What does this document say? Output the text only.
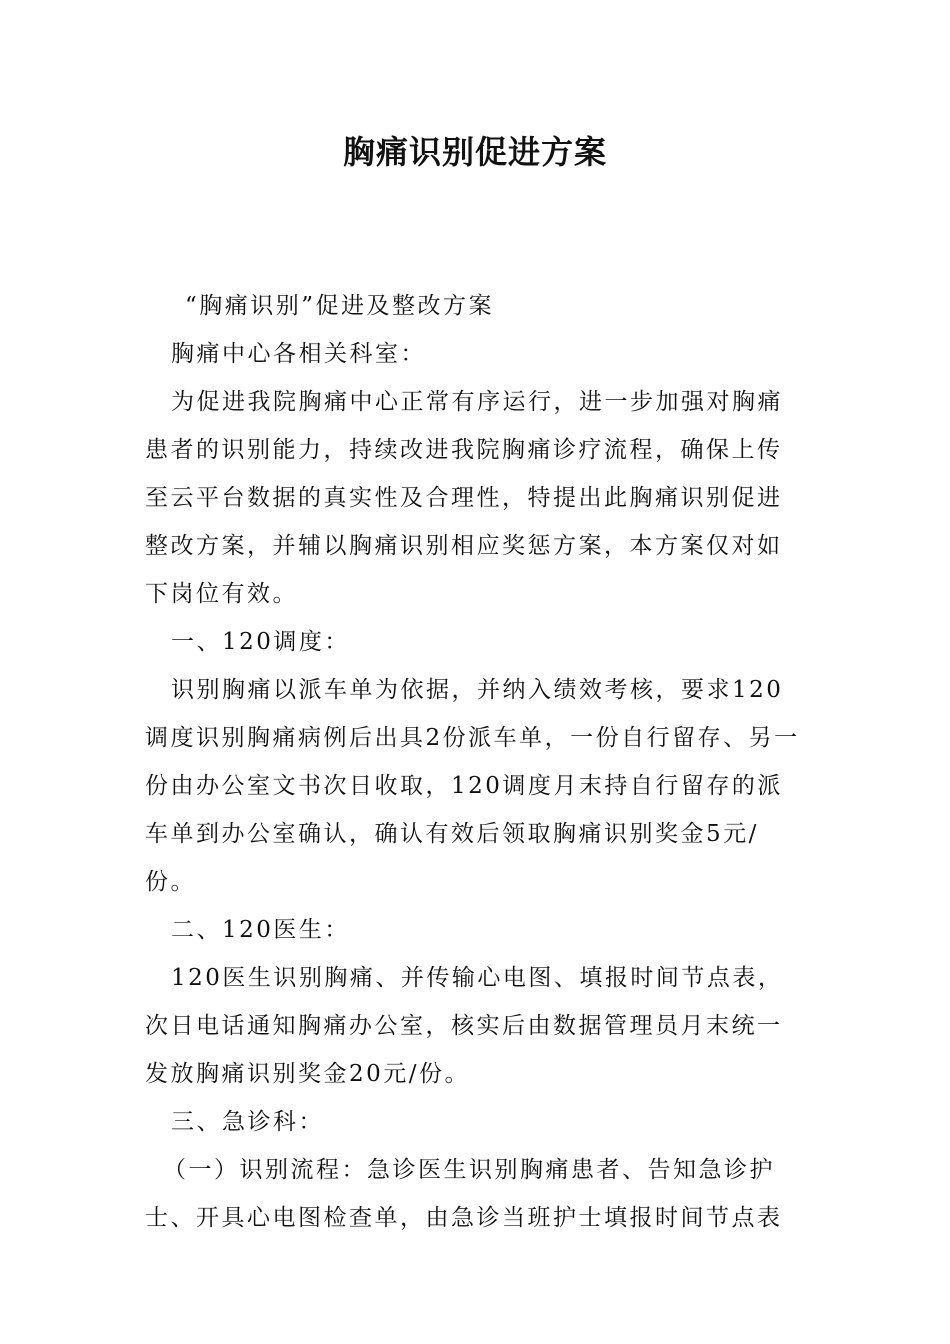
胸痛识别促进方案

“胸痛识别”促进及整改方案

胸痛中心各相关科室：

为促进我院胸痛中心正常有序运行，进一步加强对胸痛患者的识别能力，持续改进我院胸痛诊疗流程，确保上传至云平台数据的真实性及合理性，特提出此胸痛识别促进整改方案，并辅以胸痛识别相应奖惩方案，本方案仅对如下岗位有效。

一、120调度：

识别胸痛以派车单为依据，并纳入绩效考核，要求120调度识别胸痛病例后出具2份派车单，一份自行留存、另一份由办公室文书次日收取，120调度月末持自行留存的派车单到办公室确认，确认有效后领取胸痛识别奖金5元/份。

二、120医生：

120医生识别胸痛、并传输心电图、填报时间节点表，次日电话通知胸痛办公室，核实后由数据管理员月末统一发放胸痛识别奖金20元/份。

三、急诊科：

（一）识别流程：急诊医生识别胸痛患者、告知急诊护士、开具心电图检查单，由急诊当班护士填报时间节点表
